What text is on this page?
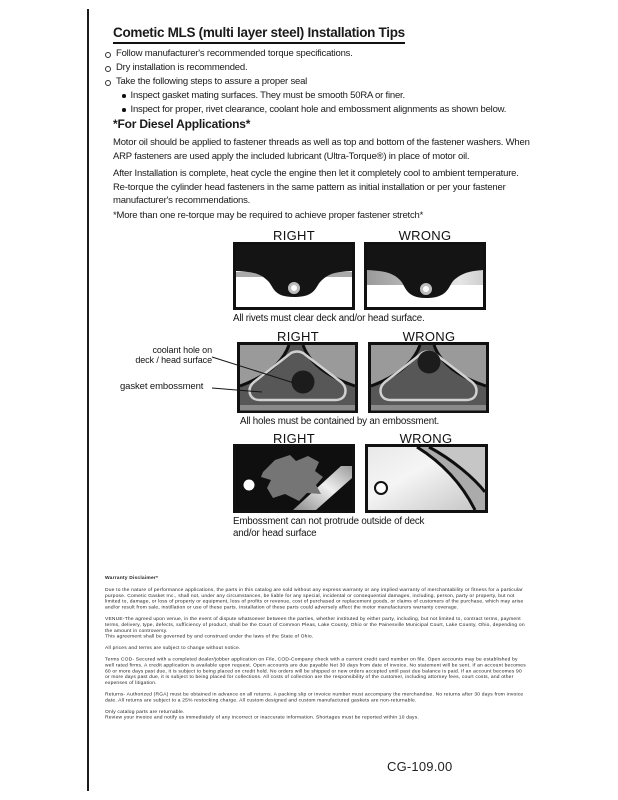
Cometic MLS (multi layer steel) Installation Tips
Follow manufacturer's recommended torque specifications.
Dry installation is recommended.
Take the following steps to assure a proper seal
Inspect gasket mating surfaces. They must be smooth 50RA or finer.
Inspect for proper, rivet clearance, coolant hole and embossment alignments as shown below.
*For Diesel Applications*
Motor oil should be applied to fastener threads as well as top and bottom of the fastener washers. When ARP fasteners are used apply the included lubricant (Ultra-Torque®) in place of motor oil.
After Installation is complete, heat cycle the engine then let it completely cool to ambient temperature. Re-torque the cylinder head fasteners in the same pattern as initial installation or per your fastener manufacturer's recommendations.
*More than one re-torque may be required to achieve proper fastener stretch*
RIGHT	WRONG
All rivets must clear deck and/or head surface.
RIGHT	WRONG
coolant hole on
deck / head surface
gasket embossment
All holes must be contained by an embossment.
RIGHT	WRONG
Embossment can not protrude outside of deck and/or head surface
Warranty Disclaimer*
Due to the nature of performance applications, the parts in this catalog are sold without any express warranty or any implied warranty of merchantability or fitness for a particular purpose. Cometic Gasket Inc., shall not, under any circumstances, be liable for any special, incidental or consequential damages, including, person, party or property, but not limited to, damage, or loss of property or equipment, loss of profits or revenue, cost of purchased or replacement goods, or claims of customers of the purchase, which may arise and/or result from sale, instillation or use of these parts. Installation of these parts could adversely affect the motor manufacturers warranty coverage.
VENUE-The agreed upon venue, in the event of dispute whatsoever between the parties, whether instituted by either party, including, but not limited to, contract terms, payment terms, delivery, type, defects, sufficiency of product, shall be the Court of Common Pleas, Lake County, Ohio or the Painesville Municipal Court, Lake County, Ohio, depending on the amount in controversy.
This agreement shall be governed by and construed under the laws of the State of Ohio.
All prices and terms are subject to change without notice.
Terms COD- Secured with a completed dealer/jobber application on File, COD-Company check with a current credit card number on file. Open accounts may be established by well rated firms. A credit application is available upon request. Open accounts are due payable Net 30 days from date of invoice. No statement will be sent. If an account becomes 60 or more days past due, it is subject to being placed on credit hold. No orders will be shipped or new orders accepted until past due balance is paid. If an account becomes 90 or more days past due, it is subject to being placed for collections. All costs of collection are the responsibility of the customer, including attorney fees, court costs, and other expenses of litigation.
Returns- Authorized (RGA) must be obtained in advance on all returns. A packing slip or invoice number must accompany the merchandise. No returns after 30 days from invoice date. All returns are subject to a 25% restocking charge. All custom designed and custom manufactured gaskets are non-returnable.
Only catalog parts are returnable.
Review your invoice and notify us immediately of any incorrect or inaccurate information. Shortages must be reported within 10 days.
CG-109.00
